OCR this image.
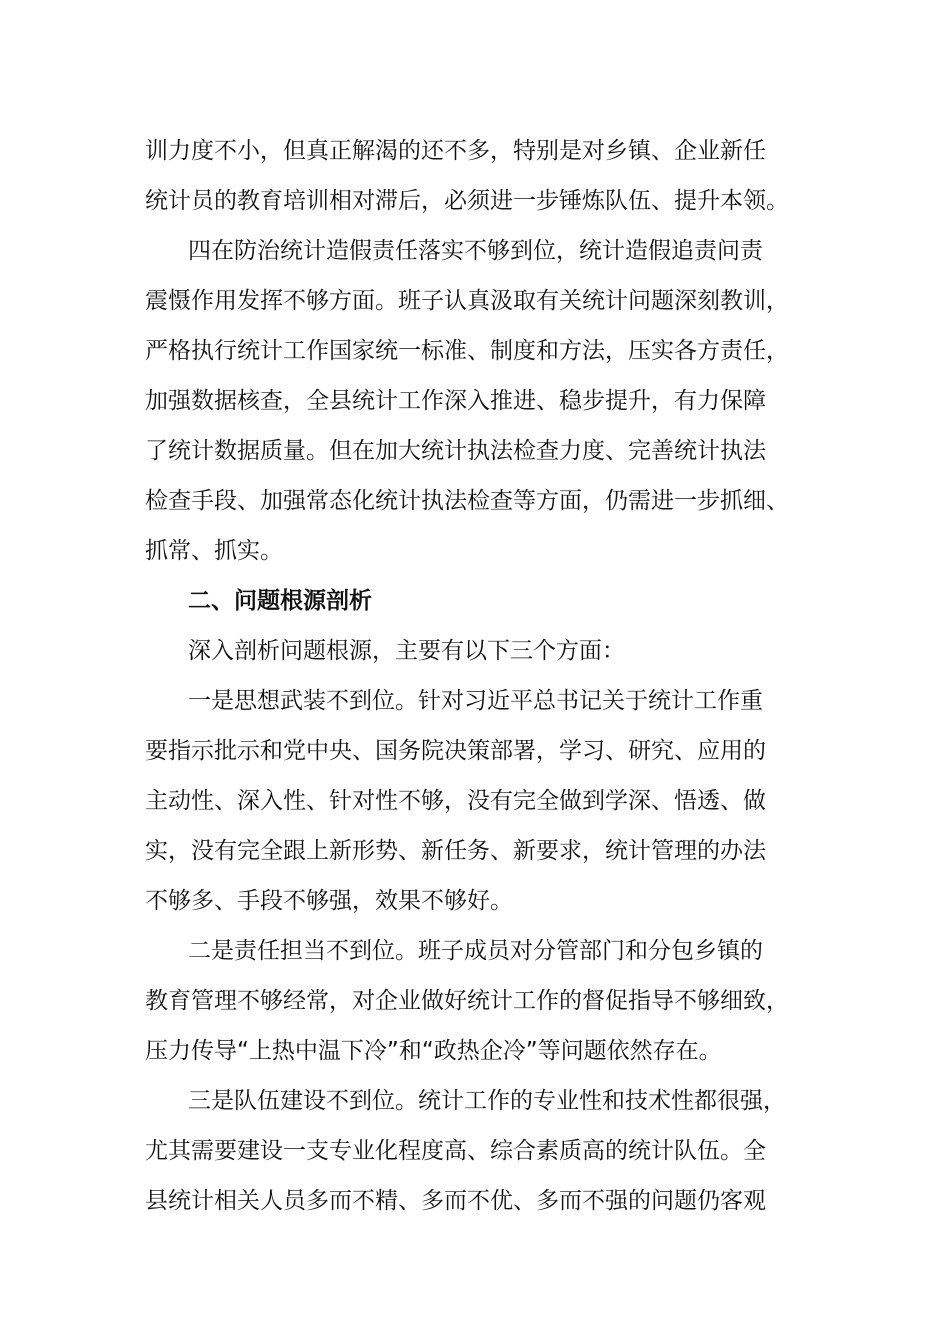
训力度不小，但真正解渴的还不多，特别是对乡镇、企业新任
统计员的教育培训相对滞后，必须进一步锤炼队伍、提升本领。
四在防治统计造假责任落实不够到位，统计造假追责问责
震慑作用发挥不够方面。班子认真汲取有关统计问题深刻教训，
严格执行统计工作国家统一标准、制度和方法，压实各方责任，
加强数据核查，全县统计工作深入推进、稳步提升，有力保障
了统计数据质量。但在加大统计执法检查力度、完善统计执法
检查手段、加强常态化统计执法检查等方面，仍需进一步抓细、
抓常、抓实。
二、问题根源剖析
深入剖析问题根源，主要有以下三个方面：
一是思想武装不到位。针对习近平总书记关于统计工作重
要指示批示和党中央、国务院决策部署，学习、研究、应用的
主动性、深入性、针对性不够，没有完全做到学深、悟透、做
实，没有完全跟上新形势、新任务、新要求，统计管理的办法
不够多、手段不够强，效果不够好。
二是责任担当不到位。班子成员对分管部门和分包乡镇的
教育管理不够经常，对企业做好统计工作的督促指导不够细致，
压力传导“上热中温下冷”和“政热企冷”等问题依然存在。
三是队伍建设不到位。统计工作的专业性和技术性都很强，
尤其需要建设一支专业化程度高、综合素质高的统计队伍。全
县统计相关人员多而不精、多而不优、多而不强的问题仍客观
